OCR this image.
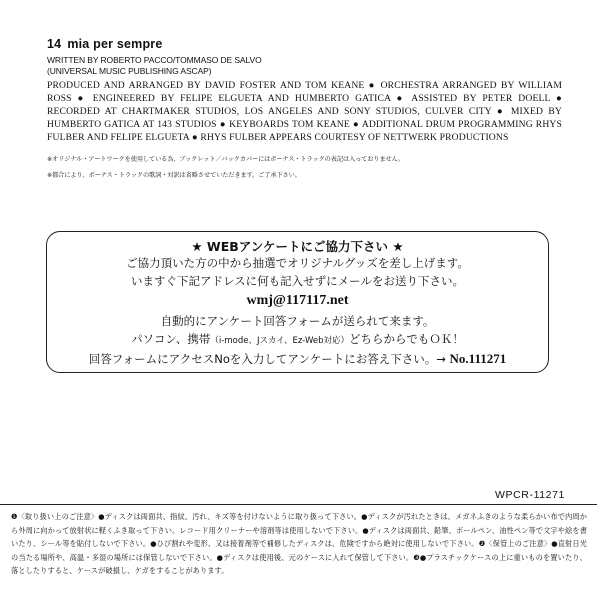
14 mia per sempre
WRITTEN BY ROBERTO PACCO/TOMMASO DE SALVO
(UNIVERSAL MUSIC PUBLISHING ASCAP)
PRODUCED AND ARRANGED BY DAVID FOSTER AND TOM KEANE ● ORCHESTRA ARRANGED BY WILLIAM ROSS ● ENGINEERED BY FELIPE ELGUETA AND HUMBERTO GATICA ● ASSISTED BY PETER DOELL ● RECORDED AT CHARTMAKER STUDIOS, LOS ANGELES AND SONY STUDIOS, CULVER CITY ● MIXED BY HUMBERTO GATICA AT 143 STUDIOS ● KEYBOARDS TOM KEANE ● ADDITIONAL DRUM PROGRAMMING RHYS FULBER AND FELIPE ELGUETA ● RHYS FULBER APPEARS COURTESY OF NETTWERK PRODUCTIONS
※オリジナル・アートワークを使用している為、ブックレット／バックカバーにはボーナス・トラックの表記は入っておりません。
※都合により、ボーナス・トラックの歌詞・対訳は省略させていただきます。ご了承下さい。
★ WEBアンケートにご協力下さい ★
ご協力頂いた方の中から抽選でオリジナルグッズを差し上げます。
いますぐ下記アドレスに何も記入せずにメールをお送り下さい。
wmj@117117.net
自動的にアンケート回答フォームが送られて来ます。
パソコン、携帯（i-mode、Jスカイ、Ez-Web対応）どちらからでもＯＫ！
回答フォームにアクセスNoを入力してアンケートにお答え下さい。→ No.111271
WPCR-11271

❶〈取り扱い上のご注意〉●ディスクは両面共、指紋、汚れ、キズ等を付けないように取り扱って下さい。●ディスクが汚れたときは、メガネふきのような柔らかい布で内周から外周に向かって放射状に軽くふき取って下さい。レコード用クリーナーや溶剤等は使用しないで下さい。●ディスクは両面共、鉛筆、ボールペン、油性ペン等で文字や絵を書いたり、シール等を貼付しないで下さい。●ひび割れや変形、又は接着剤等で補修したディスクは、危険ですから絶対に使用しないで下さい。❷〈保管上のご注意〉●直射日光の当たる場所や、高温・多湿の場所には保管しないで下さい。●ディスクは使用後、元のケースに入れて保管して下さい。❸●プラスチックケースの上に重いものを置いたり、落としたりすると、ケースが破損し、ケガをすることがあります。
